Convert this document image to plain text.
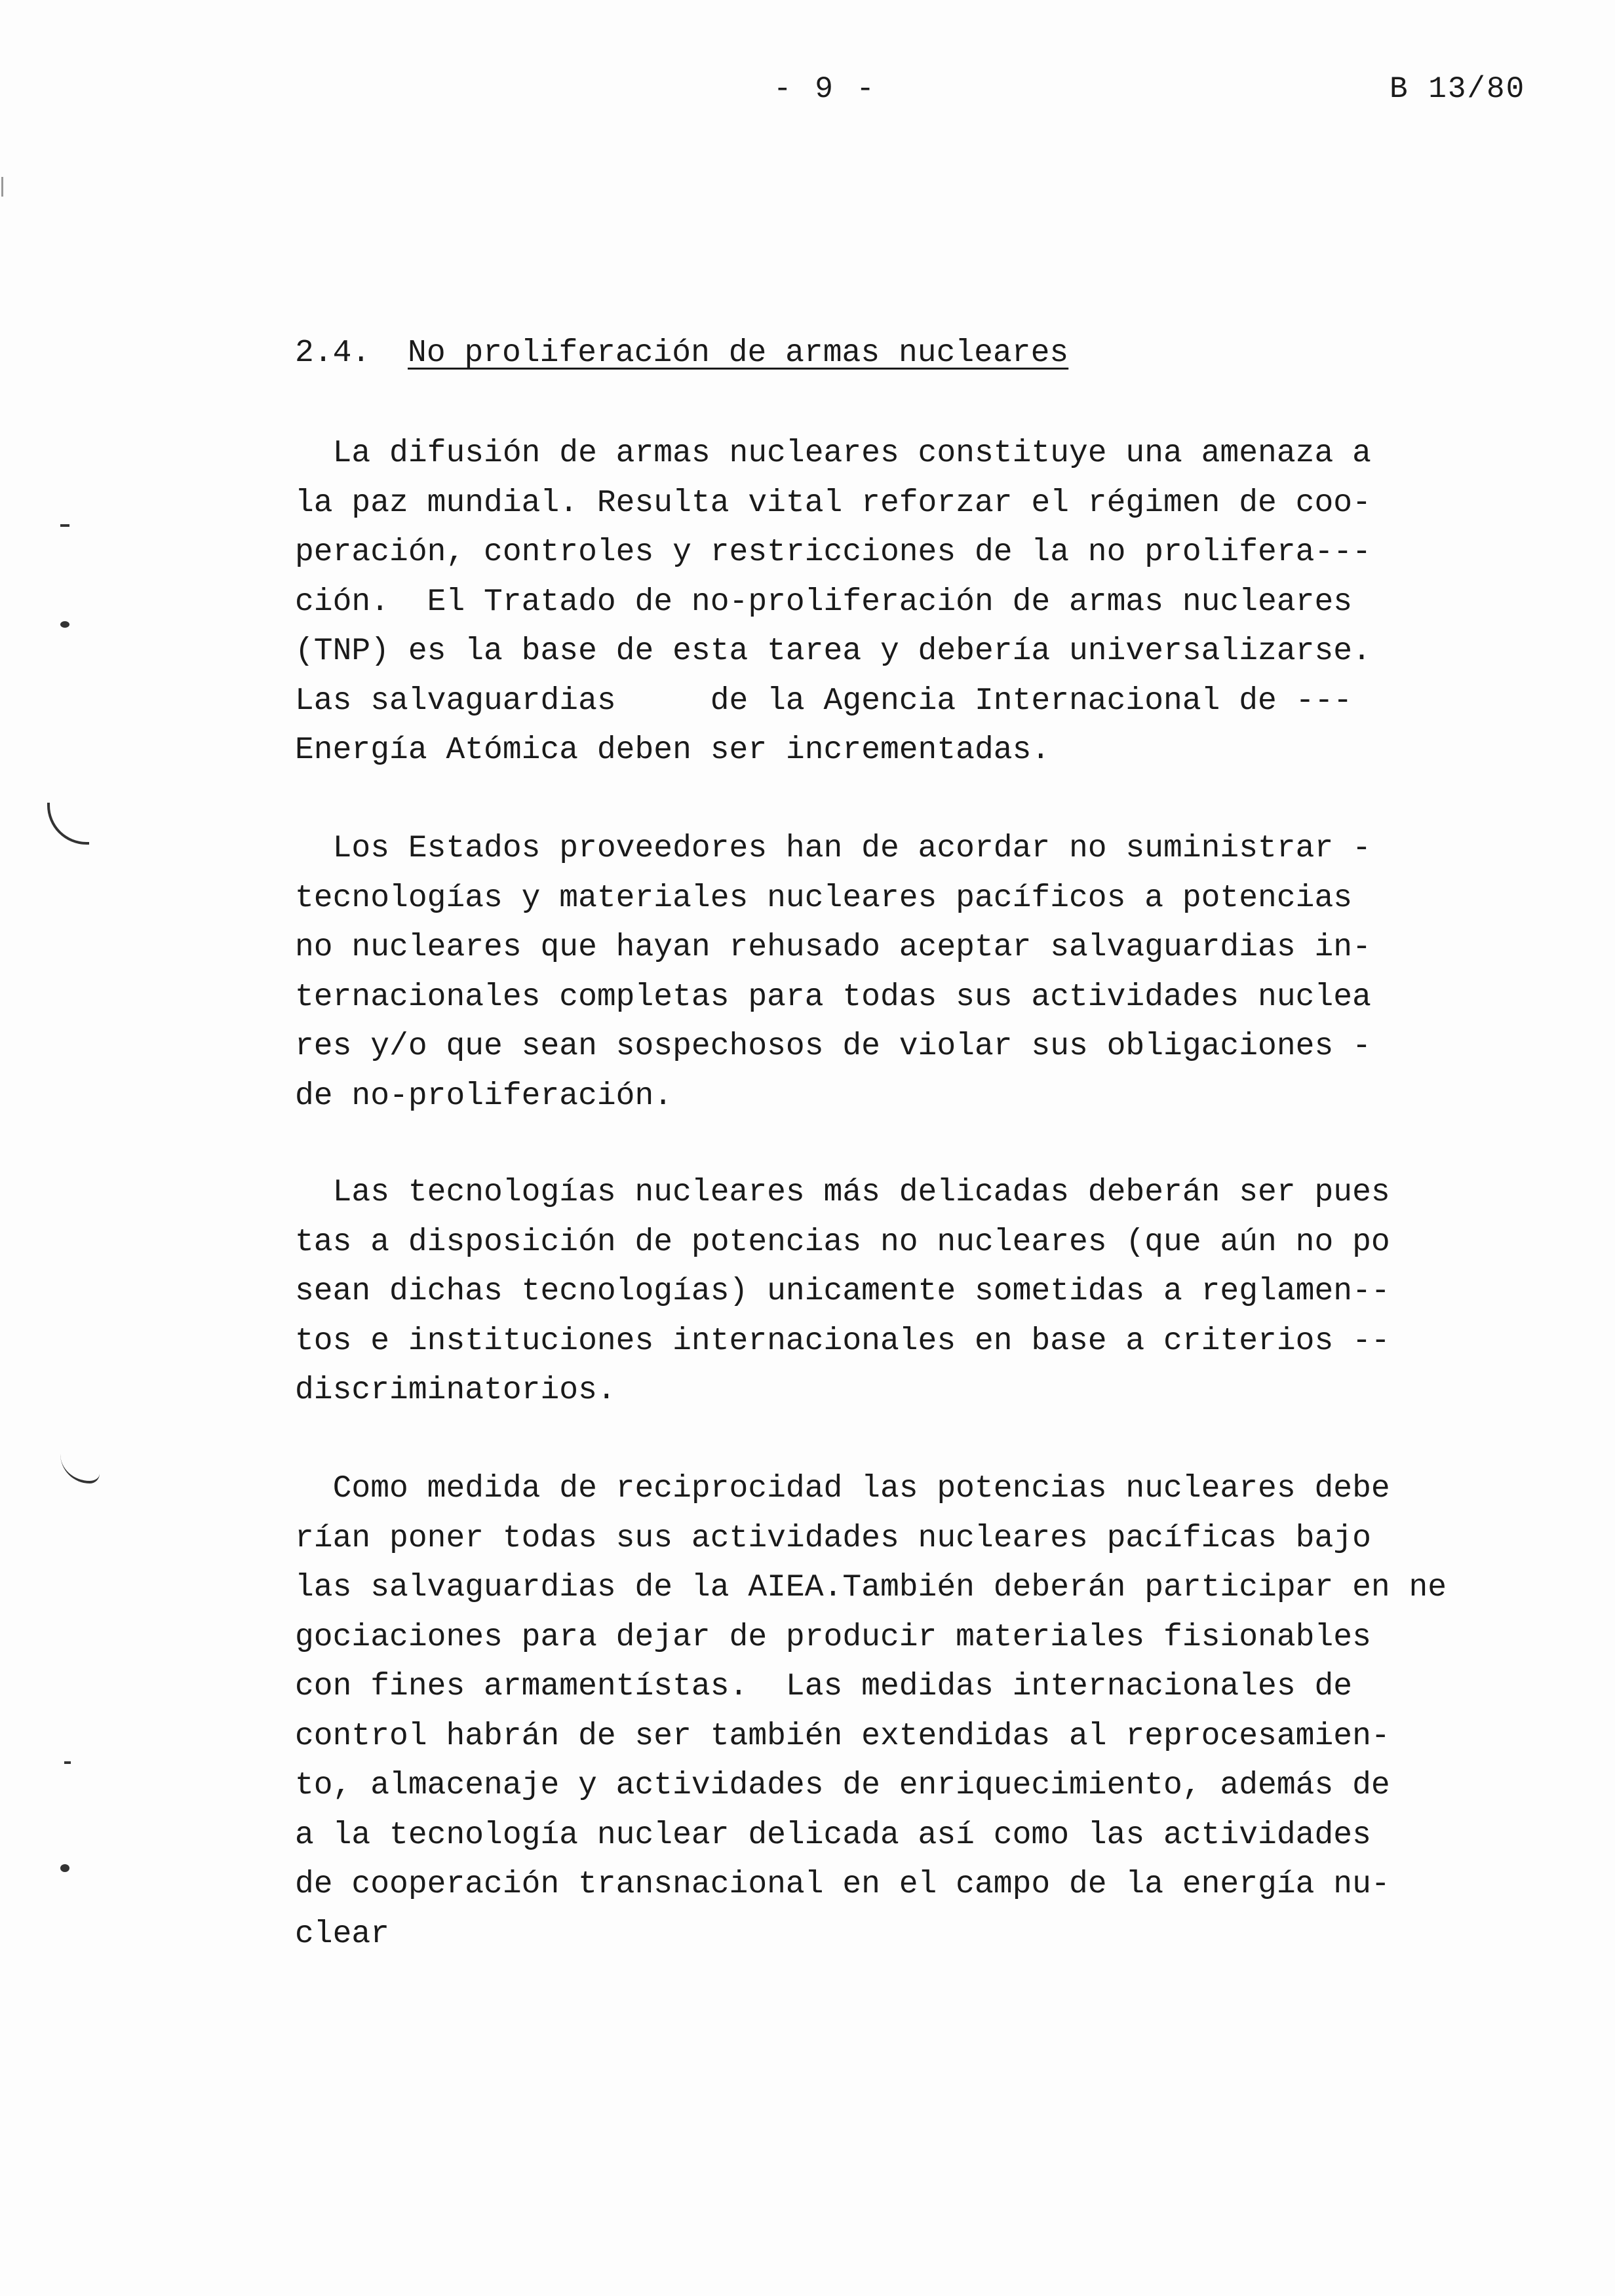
- 9 -	B 13/80
2.4. No proliferación de armas nucleares
La difusión de armas nucleares constituye una amenaza a
la paz mundial. Resulta vital reforzar el régimen de coo-
peración, controles y restricciones de la no prolifera---
ción.  El Tratado de no-proliferación de armas nucleares
(TNP) es la base de esta tarea y debería universalizarse.
Las salvaguardias     de la Agencia Internacional de ---
Energía Atómica deben ser incrementadas.
Los Estados proveedores han de acordar no suministrar -
tecnologías y materiales nucleares pacíficos a potencias
no nucleares que hayan rehusado aceptar salvaguardias in-
ternacionales completas para todas sus actividades nuclea
res y/o que sean sospechosos de violar sus obligaciones -
de no-proliferación.
Las tecnologías nucleares más delicadas deberán ser pues
tas a disposición de potencias no nucleares (que aún no po
sean dichas tecnologías) unicamente sometidas a reglamen--
tos e instituciones internacionales en base a criterios --
discriminatorios.
Como medida de reciprocidad las potencias nucleares debe
rían poner todas sus actividades nucleares pacíficas bajo
las salvaguardias de la AIEA.También deberán participar en ne
gociaciones para dejar de producir materiales fisionables
con fines armamentístas.  Las medidas internacionales de
control habrán de ser también extendidas al reprocesamien-
to, almacenaje y actividades de enriquecimiento, además de
a la tecnología nuclear delicada así como las actividades
de cooperación transnacional en el campo de la energía nu-
clear
